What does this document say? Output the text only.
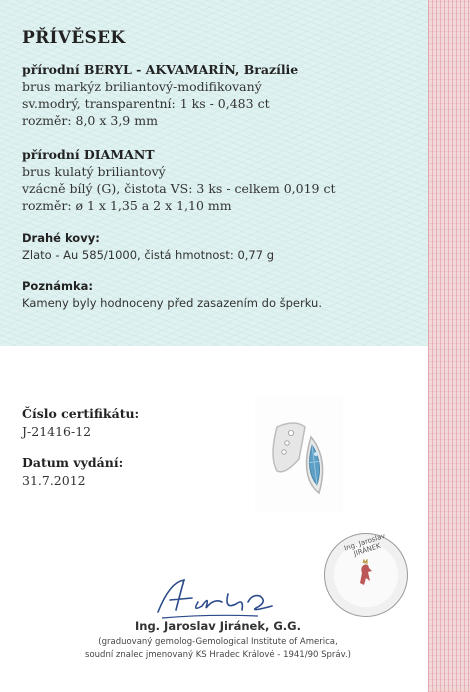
PŘÍVĚSEK
přírodní BERYL - AKVAMARÍN, Brazílie
brus markýz briliantový-modifikovaný
sv.modrý, transparentní: 1 ks - 0,483 ct
rozměr: 8,0 x 3,9 mm
přírodní DIAMANT
brus kulatý briliantový
vzácně bílý (G), čistota VS: 3 ks - celkem 0,019 ct
rozměr: ø 1 x 1,35 a 2 x 1,10 mm
Drahé kovy:
Zlato - Au 585/1000, čistá hmotnost: 0,77 g
Poznámka:
Kameny byly hodnoceny před zasazením do šperku.
Číslo certifikátu:
J-21416-12
Datum vydání:
31.7.2012
Ing. Jaroslav JIRÁNEK
Ing. Jaroslav Jiránek, G.G.
(graduovaný gemolog-Gemological Institute of America,
soudní znalec jmenovaný KS Hradec Králové - 1941/90 Správ.)
